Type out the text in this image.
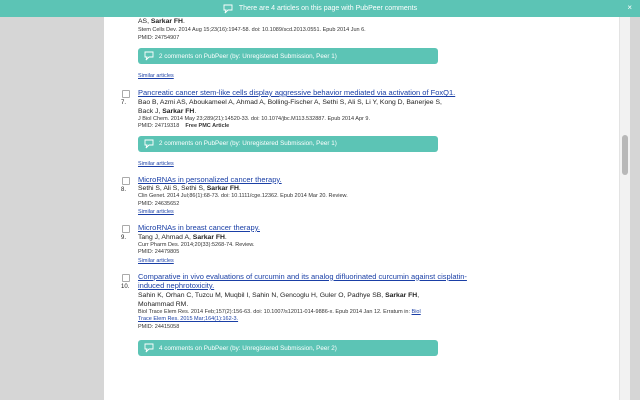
There are 4 articles on this page with PubPeer comments	×
AS, Sarkar FH.
Stem Cells Dev. 2014 Aug 15;23(16):1947-58. doi: 10.1089/scd.2013.0551. Epub 2014 Jun 6.
PMID: 24754907
2 comments on PubPeer (by: Unregistered Submission, Peer 1)
Similar articles
7.
Pancreatic cancer stem-like cells display aggressive behavior mediated via activation of FoxQ1.
Bao B, Azmi AS, Aboukameel A, Ahmad A, Bolling-Fischer A, Sethi S, Ali S, Li Y, Kong D, Banerjee S,
Back J, Sarkar FH.
J Biol Chem. 2014 May 23;289(21):14520-33. doi: 10.1074/jbc.M113.532887. Epub 2014 Apr 9.
PMID: 24719318 Free PMC Article
2 comments on PubPeer (by: Unregistered Submission, Peer 1)
Similar articles
8.
MicroRNAs in personalized cancer therapy.
Sethi S, Ali S, Sethi S, Sarkar FH.
Clin Genet. 2014 Jul;86(1):68-73. doi: 10.1111/cge.12362. Epub 2014 Mar 20. Review.
PMID: 24635652
Similar articles
9.
MicroRNAs in breast cancer therapy.
Tang J, Ahmad A, Sarkar FH.
Curr Pharm Des. 2014;20(33):5268-74. Review.
PMID: 24479805
Similar articles
10.
Comparative in vivo evaluations of curcumin and its analog difluorinated curcumin against cisplatin-
induced nephrotoxicity.
Sahin K, Orhan C, Tuzcu M, Muqbil I, Sahin N, Gencoglu H, Guler O, Padhye SB, Sarkar FH,
Mohammad RM.
Biol Trace Elem Res. 2014 Feb;157(2):156-63. doi: 10.1007/s12011-014-9886-x. Epub 2014 Jan 12. Erratum in: Biol
Trace Elem Res. 2015 Mar;164(1):162-3.
PMID: 24415058
4 comments on PubPeer (by: Unregistered Submission, Peer 2)
